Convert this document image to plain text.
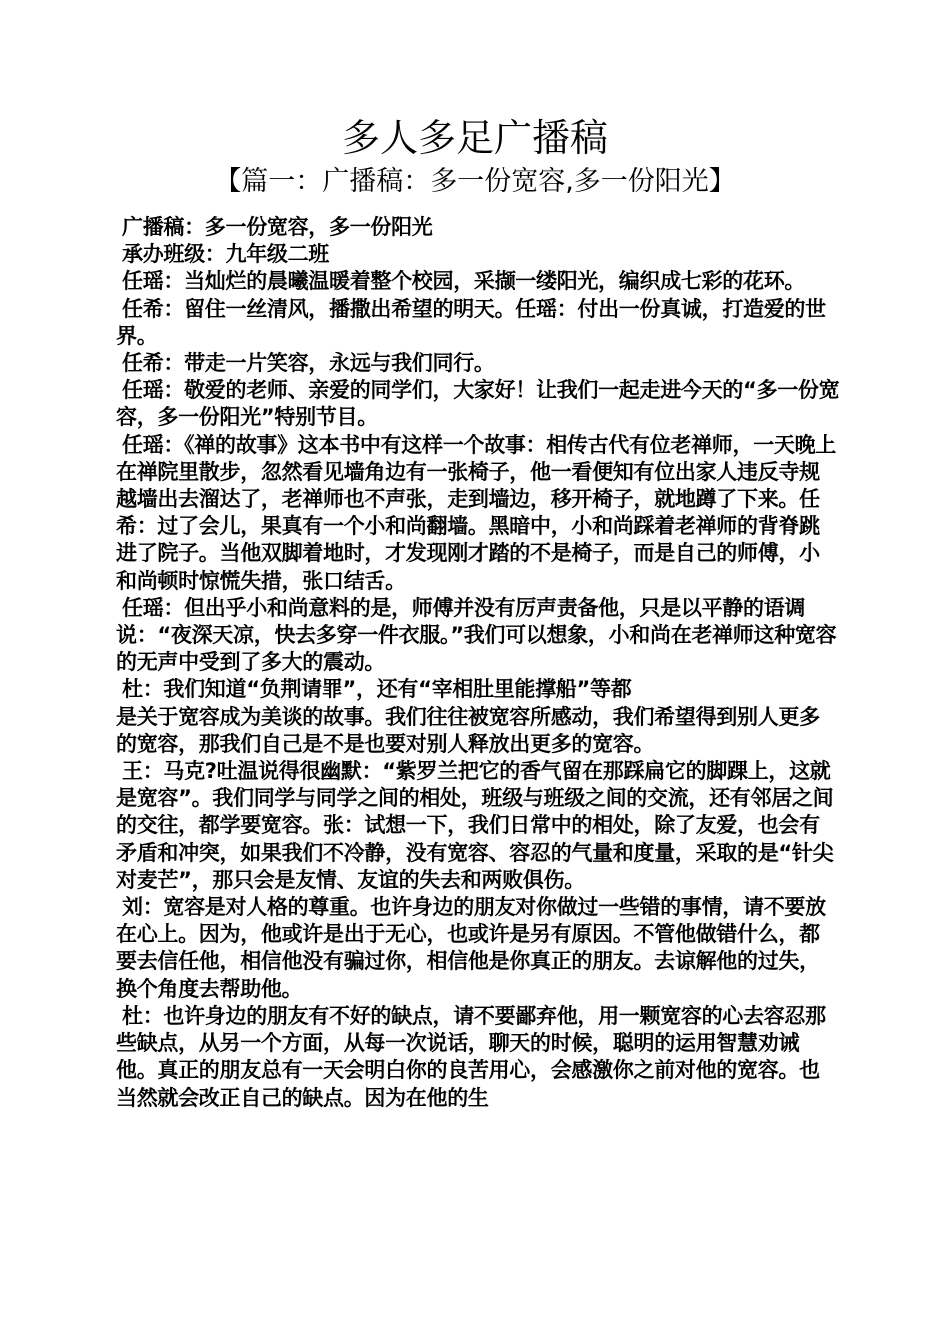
多人多足广播稿
【篇一：广播稿：多一份宽容,多一份阳光】

广播稿：多一份宽容，多一份阳光

承办班级：九年级二班

任瑶：当灿烂的晨曦温暖着整个校园，采撷一缕阳光，编织成七彩的花环。

任希：留住一丝清风，播撒出希望的明天。任瑶：付出一份真诚，打造爱的世界。

任希：带走一片笑容，永远与我们同行。

任瑶：敬爱的老师、亲爱的同学们，大家好！让我们一起走进今天的“多一份宽容，多一份阳光”特别节目。

任瑶：《禅的故事》这本书中有这样一个故事：相传古代有位老禅师，一天晚上在禅院里散步，忽然看见墙角边有一张椅子，他一看便知有位出家人违反寺规越墙出去溜达了，老禅师也不声张，走到墙边，移开椅子，就地蹲了下来。任希：过了会儿，果真有一个小和尚翻墙。黑暗中，小和尚踩着老禅师的背脊跳进了院子。当他双脚着地时，才发现刚才踏的不是椅子，而是自己的师傅，小和尚顿时惊慌失措，张口结舌。

任瑶：但出乎小和尚意料的是，师傅并没有厉声责备他，只是以平静的语调说：“夜深天凉，快去多穿一件衣服。”我们可以想象，小和尚在老禅师这种宽容的无声中受到了多大的震动。

杜：我们知道“负荆请罪”，还有“宰相肚里能撑船”等都
是关于宽容成为美谈的故事。我们往往被宽容所感动，我们希望得到别人更多的宽容，那我们自己是不是也要对别人释放出更多的宽容。

王：马克?吐温说得很幽默：“紫罗兰把它的香气留在那踩扁它的脚踝上，这就是宽容”。我们同学与同学之间的相处，班级与班级之间的交流，还有邻居之间的交往，都学要宽容。张：试想一下，我们日常中的相处，除了友爱，也会有矛盾和冲突，如果我们不冷静，没有宽容、容忍的气量和度量，采取的是“针尖对麦芒”，那只会是友情、友谊的失去和两败俱伤。

刘：宽容是对人格的尊重。也许身边的朋友对你做过一些错的事情，请不要放在心上。因为，他或许是出于无心，也或许是另有原因。不管他做错什么，都要去信任他，相信他没有骗过你，相信他是你真正的朋友。去谅解他的过失，换个角度去帮助他。

杜：也许身边的朋友有不好的缺点，请不要鄙弃他，用一颗宽容的心去容忍那些缺点，从另一个方面，从每一次说话，聊天的时候，聪明的运用智慧劝诫他。真正的朋友总有一天会明白你的良苦用心，会感激你之前对他的宽容。也当然就会改正自己的缺点。因为在他的生
